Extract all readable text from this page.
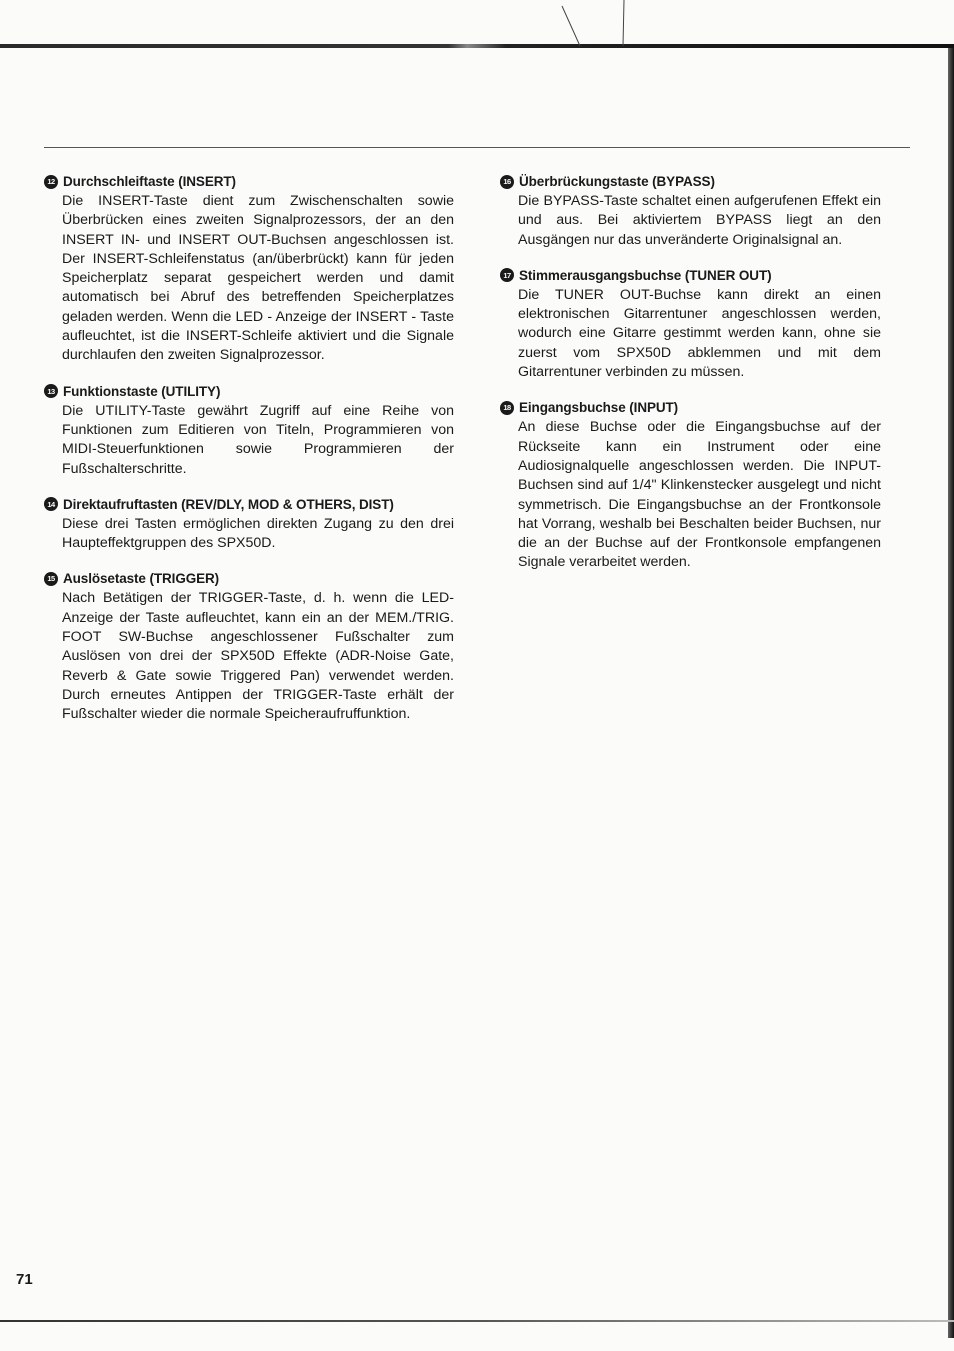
12 Durchschleiftaste (INSERT)
Die INSERT-Taste dient zum Zwischenschalten sowie Überbrücken eines zweiten Signalprozessors, der an den INSERT IN- und INSERT OUT-Buchsen angeschlossen ist. Der INSERT-Schleifenstatus (an/überbrückt) kann für jeden Speicherplatz separat gespeichert werden und damit automatisch bei Abruf des betreffenden Speicherplatzes geladen werden. Wenn die LED - Anzeige der INSERT - Taste aufleuchtet, ist die INSERT-Schleife aktiviert und die Signale durchlaufen den zweiten Signalprozessor.
13 Funktionstaste (UTILITY)
Die UTILITY-Taste gewährt Zugriff auf eine Reihe von Funktionen zum Editieren von Titeln, Programmieren von MIDI-Steuerfunktionen sowie Programmieren der Fußschalterschritte.
14 Direktaufruftasten (REV/DLY, MOD & OTHERS, DIST)
Diese drei Tasten ermöglichen direkten Zugang zu den drei Haupteffektgruppen des SPX50D.
15 Auslösetaste (TRIGGER)
Nach Betätigen der TRIGGER-Taste, d. h. wenn die LED-Anzeige der Taste aufleuchtet, kann ein an der MEM./TRIG. FOOT SW-Buchse angeschlossener Fußschalter zum Auslösen von drei der SPX50D Effekte (ADR-Noise Gate, Reverb & Gate sowie Triggered Pan) verwendet werden. Durch erneutes Antippen der TRIGGER-Taste erhält der Fußschalter wieder die normale Speicheraufruffunktion.
16 Überbrückungstaste (BYPASS)
Die BYPASS-Taste schaltet einen aufgerufenen Effekt ein und aus. Bei aktiviertem BYPASS liegt an den Ausgängen nur das unveränderte Originalsignal an.
17 Stimmerausgangsbuchse (TUNER OUT)
Die TUNER OUT-Buchse kann direkt an einen elektronischen Gitarrentuner angeschlossen werden, wodurch eine Gitarre gestimmt werden kann, ohne sie zuerst vom SPX50D abklemmen und mit dem Gitarrentuner verbinden zu müssen.
18 Eingangsbuchse (INPUT)
An diese Buchse oder die Eingangsbuchse auf der Rückseite kann ein Instrument oder eine Audiosignalquelle angeschlossen werden. Die INPUT-Buchsen sind auf 1/4" Klinkenstecker ausgelegt und nicht symmetrisch. Die Eingangsbuchse an der Frontkonsole hat Vorrang, weshalb bei Beschalten beider Buchsen, nur die an der Buchse auf der Frontkonsole empfangenen Signale verarbeitet werden.
71
